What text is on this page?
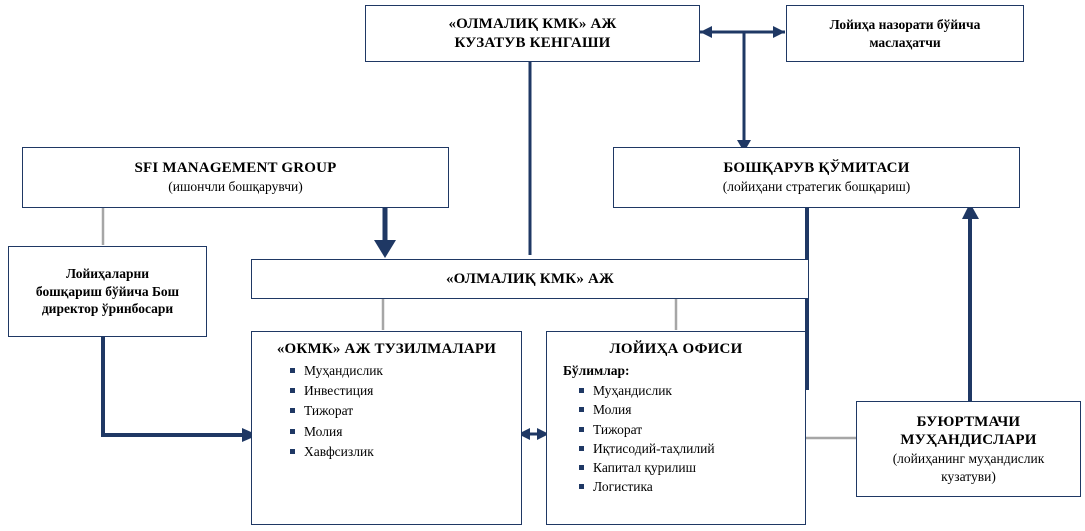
«ОЛМАЛИҚ КМК» АЖ
КУЗАТУВ КЕНГАШИ
Лойиҳа назорати бўйича
маслаҳатчи
SFI MANAGEMENT GROUP
(ишончли бошқарувчи)
БОШҚАРУВ ҚЎМИТАСИ
(лойиҳани стратегик бошқариш)
Лойиҳаларни
бошқариш бўйича Бош
директор ўринбосари
«ОЛМАЛИҚ КМК» АЖ
«ОКМК» АЖ ТУЗИЛМАЛАРИ
Муҳандислик
Инвестиция
Тижорат
Молия
Хавфсизлик
ЛОЙИҲА ОФИСИ
Бўлимлар:
Муҳандислик
Молия
Тижорат
Иқтисодий-таҳлилий
Капитал қурилиш
Логистика
БУЮРТМАЧИ
МУҲАНДИСЛАРИ
(лойиҳанинг муҳандислик
кузатуви)
